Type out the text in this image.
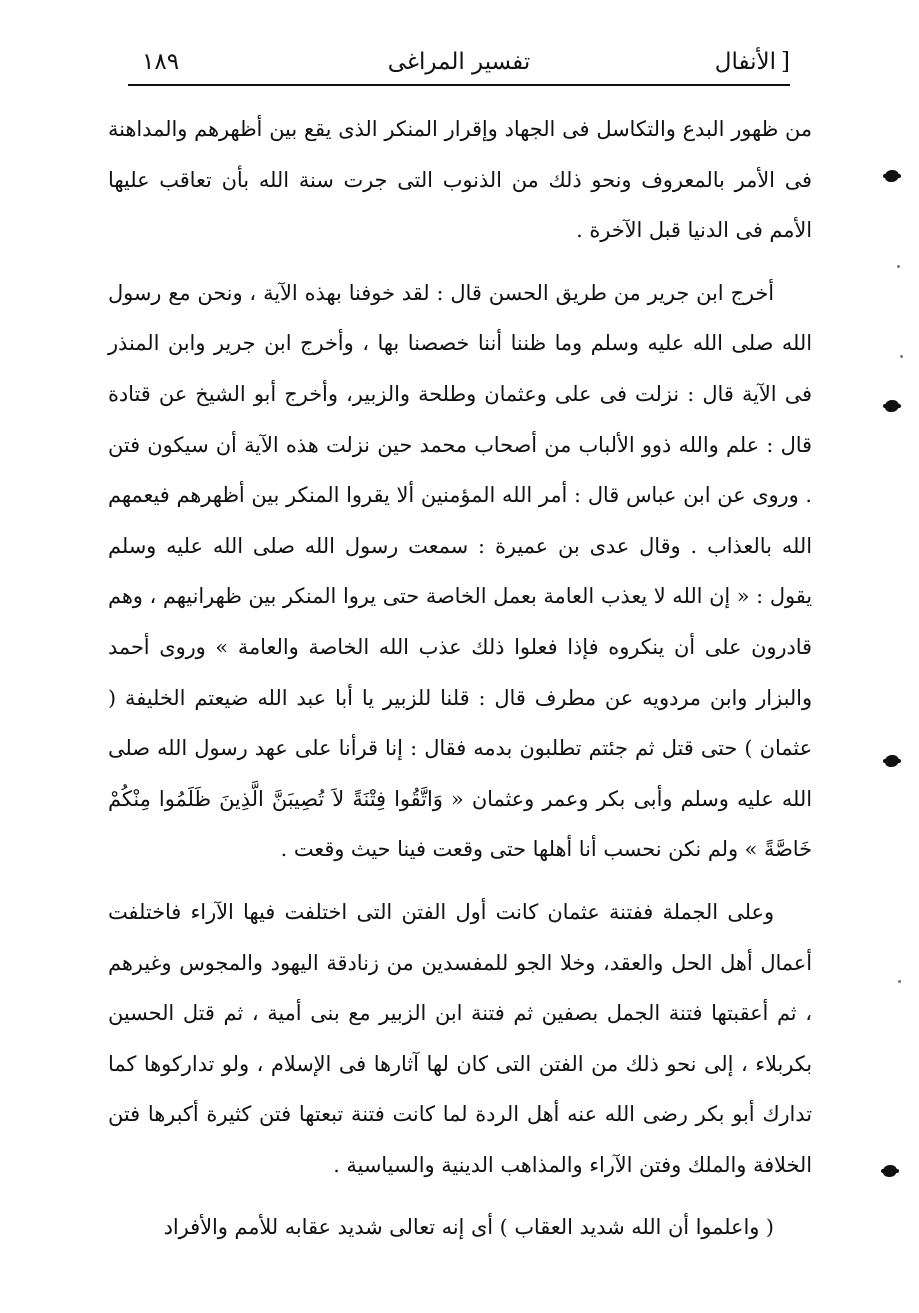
١٨٩	تفسير المراغى	الأنفال ]

من ظهور البدع والتكاسل فى الجهاد وإقرار المنكر الذى يقع بين أظهرهم والمداهنة فى الأمر بالمعروف ونحو ذلك من الذنوب التى جرت سنة الله بأن تعاقب عليها الأمم فى الدنيا قبل الآخرة .

أخرج ابن جرير من طريق الحسن قال : لقد خوفنا بهذه الآية ، ونحن مع رسول الله صلى الله عليه وسلم وما ظننا أننا خصصنا بها ، وأخرج ابن جرير وابن المنذر فى الآية قال : نزلت فى على وعثمان وطلحة والزبير، وأخرج أبو الشيخ عن قتادة قال : علم والله ذوو الألباب من أصحاب محمد حين نزلت هذه الآية أن سيكون فتن . وروى عن ابن عباس قال : أمر الله المؤمنين ألا يقروا المنكر بين أظهرهم فيعمهم الله بالعذاب . وقال عدى بن عميرة : سمعت رسول الله صلى الله عليه وسلم يقول : « إن الله لا يعذب العامة بعمل الخاصة حتى يروا المنكر بين ظهرانيهم ، وهم قادرون على أن ينكروه فإذا فعلوا ذلك عذب الله الخاصة والعامة » وروى أحمد والبزار وابن مردويه عن مطرف قال : قلنا للزبير يا أبا عبد الله ضيعتم الخليفة ( عثمان ) حتى قتل ثم جئتم تطلبون بدمه فقال : إنا قرأنا على عهد رسول الله صلى الله عليه وسلم وأبى بكر وعمر وعثمان « وَاتَّقُوا فِتْنَةً لاَ تُصِيبَنَّ الَّذِينَ ظَلَمُوا مِنْكُمْ خَاصَّةً » ولم نكن نحسب أنا أهلها حتى وقعت فينا حيث وقعت .

وعلى الجملة ففتنة عثمان كانت أول الفتن التى اختلفت فيها الآراء فاختلفت أعمال أهل الحل والعقد، وخلا الجو للمفسدين من زنادقة اليهود والمجوس وغيرهم ، ثم أعقبتها فتنة الجمل بصفين ثم فتنة ابن الزبير مع بنى أمية ، ثم قتل الحسين بكربلاء ، إلى نحو ذلك من الفتن التى كان لها آثارها فى الإسلام ، ولو تداركوها كما تدارك أبو بكر رضى الله عنه أهل الردة لما كانت فتنة تبعتها فتن كثيرة أكبرها فتن الخلافة والملك وفتن الآراء والمذاهب الدينية والسياسية .

( واعلموا أن الله شديد العقاب ) أى إنه تعالى شديد عقابه للأمم والأفراد
